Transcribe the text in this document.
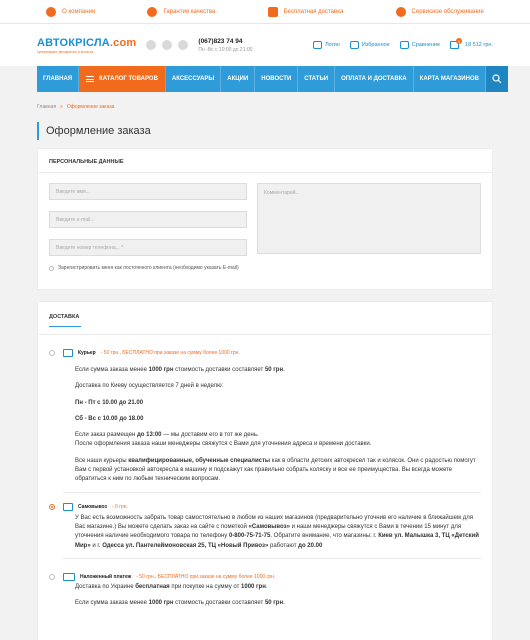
О компании	Гарантия качества	Бесплатная доставка	Сервисное обслуживание
АВТОКРІСЛА.com
супермаркет автокресел и колясок
(067)823 74 94
Пн -Вс с 10:00 до 21:00
Логин	Избранное	Сравнение
0
18 512 грн.
ГЛАВНАЯ	КАТАЛОГ ТОВАРОВ	АКСЕССУАРЫ	АКЦИИ	НОВОСТИ	СТАТЬИ	ОПЛАТА И ДОСТАВКА	КАРТА МАГАЗИНОВ
Главная » Оформление заказа
Оформление заказа
ПЕРСОНАЛЬНЫЕ ДАННЫЕ
Введите имя...
Введите e-mail...
Введите номер телефона... *
Комментарий...
Зарегистрировать меня как постоянного клиента (необходимо указать E-mail)
ДОСТАВКА
Курьер - 50 грн., БЕСПЛАТНО при заказе на сумму более 1000 грн.

Если сумма заказа менее 1000 грн стоимость доставки составляет 50 грн.

Доставка по Киеву осуществляется 7 дней в неделю:

Пн - Пт с 10.00 до 21.00

Сб - Вс с 10.00 до 18.00

Если заказ размещен до 13:00 — мы доставим его в тот же день.

После оформления заказа наши менеджеры свяжутся с Вами для уточнения адреса и времени доставки.

Все наши курьеры квалифицированные, обученные специалисты как в области детских автокресел так и колясок. Они с радостью помогут Вам с первой установкой автокресла в машину и подскажут как правильно собрать коляску и все ее преимущества. Вы всегда можете обратиться к ним по любым техническим вопросам.

Самовывоз - 0 грн.

У Вас есть возможность забрать товар самостоятельно в любом из наших магазинов (предварительно уточнив его наличие в ближайшем для Вас магазине.) Вы можете сделать заказ на сайте с пометкой «Самовывоз» и наши менеджеры свяжутся с Вами в течении 15 минут для уточнения наличие необходимого товара по телефону 0-800-75-71-75. Обратите внимание, что магазины: г. Киев ул. Малышка 3, ТЦ «Детский Мир» и г. Одесса ул. Пантелеймоновская 25, ТЦ «Новый Привоз» работают до 20.00

Наложенный платеж - 50 грн., БЕСПЛАТНО при заказе на сумму более 1000 грн.

Доставка по Украине бесплатная при покупке на сумму от 1000 грн.

Если сумма заказа менее 1000 грн стоимость доставки составляет 50 грн.
